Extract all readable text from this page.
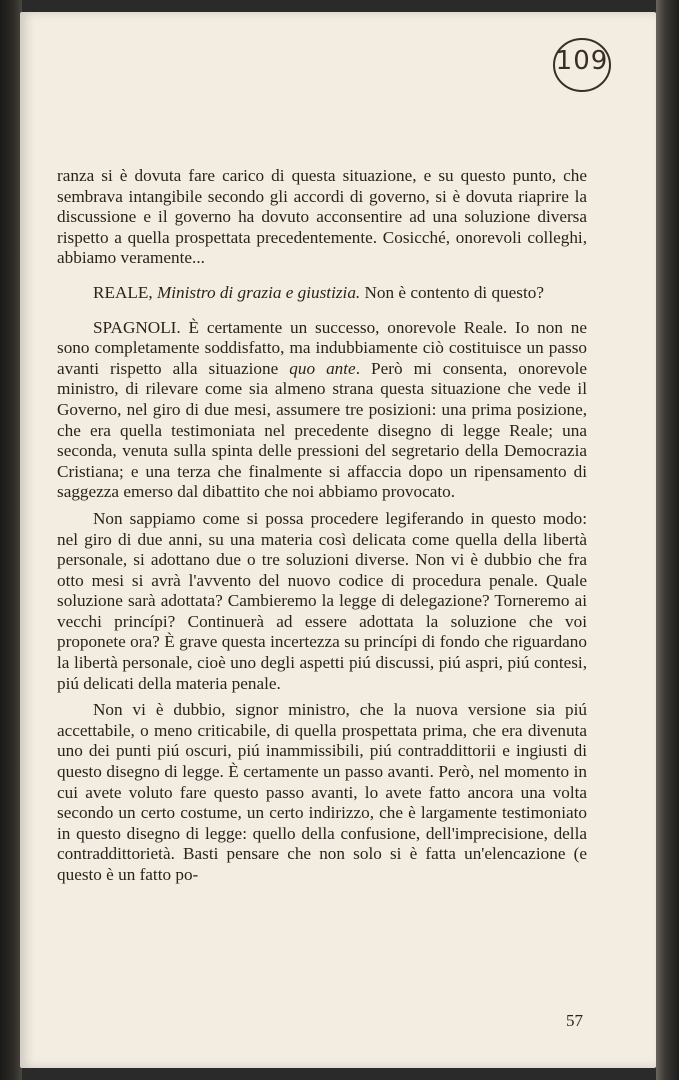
109

ranza si è dovuta fare carico di questa situazione, e su questo punto, che sembrava intangibile secondo gli accordi di governo, si è dovuta riaprire la discussione e il governo ha dovuto acconsentire ad una soluzione diversa rispetto a quella prospettata precedentemente. Cosicché, onorevoli colleghi, abbiamo veramente...

REALE, Ministro di grazia e giustizia. Non è contento di questo?

SPAGNOLI. È certamente un successo, onorevole Reale. Io non ne sono completamente soddisfatto, ma indubbiamente ciò costituisce un passo avanti rispetto alla situazione quo ante. Però mi consenta, onorevole ministro, di rilevare come sia almeno strana questa situazione che vede il Governo, nel giro di due mesi, assumere tre posizioni: una prima posizione, che era quella testimoniata nel precedente disegno di legge Reale; una seconda, venuta sulla spinta delle pressioni del segretario della Democrazia Cristiana; e una terza che finalmente si affaccia dopo un ripensamento di saggezza emerso dal dibattito che noi abbiamo provocato.

Non sappiamo come si possa procedere legiferando in questo modo: nel giro di due anni, su una materia così delicata come quella della libertà personale, si adottano due o tre soluzioni diverse. Non vi è dubbio che fra otto mesi si avrà l'avvento del nuovo codice di procedura penale. Quale soluzione sarà adottata? Cambieremo la legge di delegazione? Torneremo ai vecchi princípi? Continuerà ad essere adottata la soluzione che voi proponete ora? È grave questa incertezza su princípi di fondo che riguardano la libertà personale, cioè uno degli aspetti piú discussi, piú aspri, piú contesi, piú delicati della materia penale.

Non vi è dubbio, signor ministro, che la nuova versione sia piú accettabile, o meno criticabile, di quella prospettata prima, che era divenuta uno dei punti piú oscuri, piú inammissibili, piú contraddittorii e ingiusti di questo disegno di legge. È certamente un passo avanti. Però, nel momento in cui avete voluto fare questo passo avanti, lo avete fatto ancora una volta secondo un certo costume, un certo indirizzo, che è largamente testimoniato in questo disegno di legge: quello della confusione, dell'imprecisione, della contraddittorietà. Basti pensare che non solo si è fatta un'elencazione (e questo è un fatto po-

57
